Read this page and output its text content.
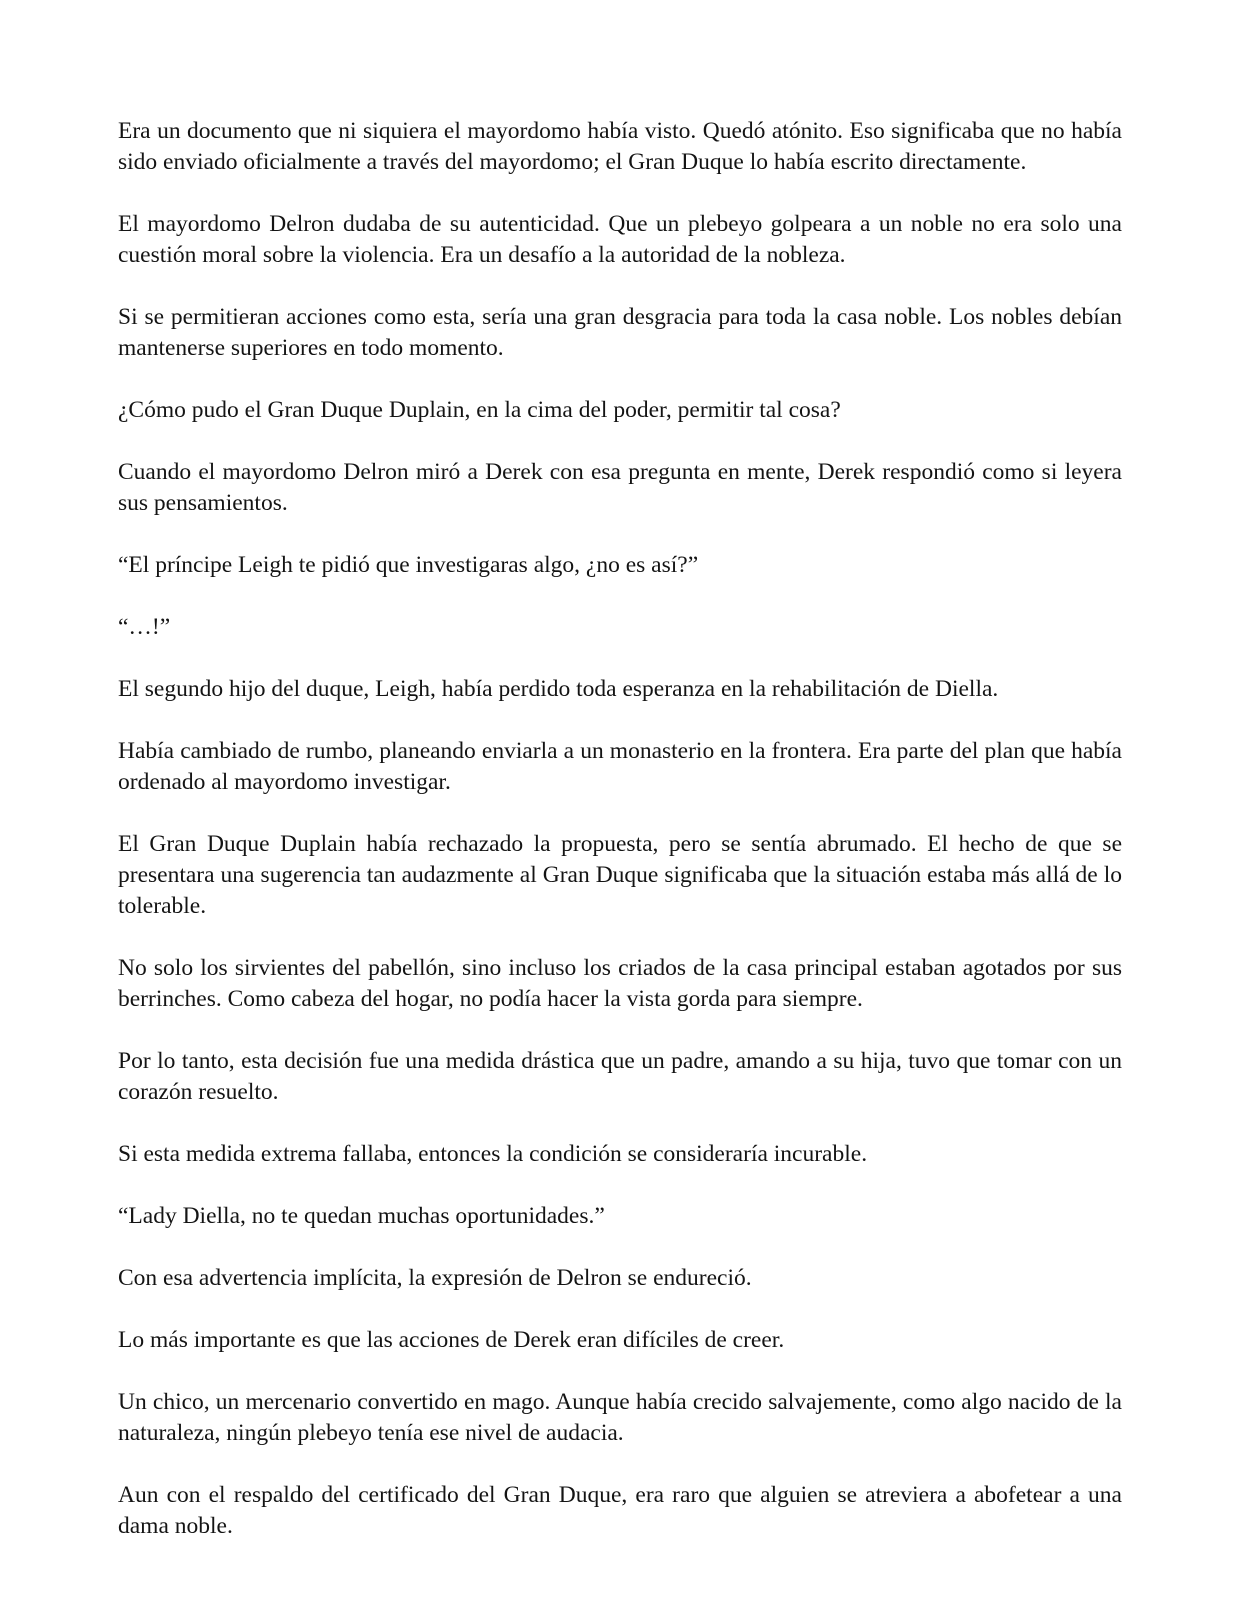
Era un documento que ni siquiera el mayordomo había visto. Quedó atónito. Eso significaba que no había sido enviado oficialmente a través del mayordomo; el Gran Duque lo había escrito directamente.

El mayordomo Delron dudaba de su autenticidad. Que un plebeyo golpeara a un noble no era solo una cuestión moral sobre la violencia. Era un desafío a la autoridad de la nobleza.

Si se permitieran acciones como esta, sería una gran desgracia para toda la casa noble. Los nobles debían mantenerse superiores en todo momento.

¿Cómo pudo el Gran Duque Duplain, en la cima del poder, permitir tal cosa?

Cuando el mayordomo Delron miró a Derek con esa pregunta en mente, Derek respondió como si leyera sus pensamientos.

“El príncipe Leigh te pidió que investigaras algo, ¿no es así?”

“…!”

El segundo hijo del duque, Leigh, había perdido toda esperanza en la rehabilitación de Diella.

Había cambiado de rumbo, planeando enviarla a un monasterio en la frontera. Era parte del plan que había ordenado al mayordomo investigar.

El Gran Duque Duplain había rechazado la propuesta, pero se sentía abrumado. El hecho de que se presentara una sugerencia tan audazmente al Gran Duque significaba que la situación estaba más allá de lo tolerable.

No solo los sirvientes del pabellón, sino incluso los criados de la casa principal estaban agotados por sus berrinches. Como cabeza del hogar, no podía hacer la vista gorda para siempre.

Por lo tanto, esta decisión fue una medida drástica que un padre, amando a su hija, tuvo que tomar con un corazón resuelto.

Si esta medida extrema fallaba, entonces la condición se consideraría incurable.

“Lady Diella, no te quedan muchas oportunidades.”

Con esa advertencia implícita, la expresión de Delron se endureció.

Lo más importante es que las acciones de Derek eran difíciles de creer.

Un chico, un mercenario convertido en mago. Aunque había crecido salvajemente, como algo nacido de la naturaleza, ningún plebeyo tenía ese nivel de audacia.

Aun con el respaldo del certificado del Gran Duque, era raro que alguien se atreviera a abofetear a una dama noble.
